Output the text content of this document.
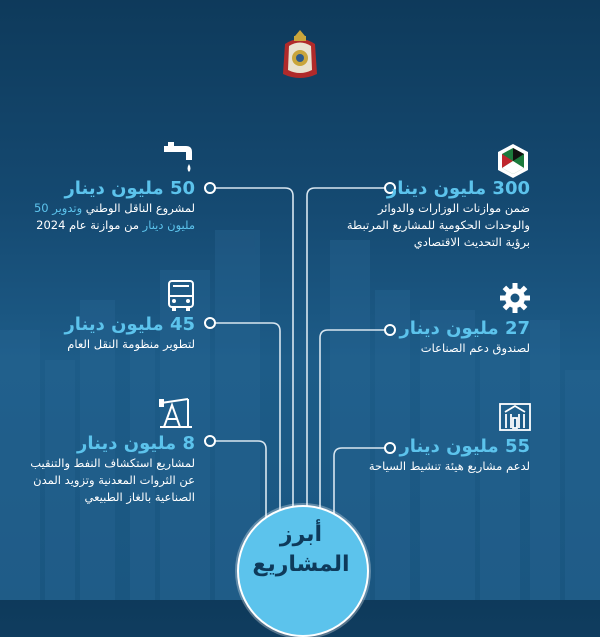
300 مليون دينار
ضمن موازنات الوزارات والدوائر والوحدات الحكومية للمشاريع المرتبطة برؤية التحديث الاقتصادي
27 مليون دينار
لصندوق دعم الصناعات
55 مليون دينار
لدعم مشاريع هيئة تنشيط السياحة
50 مليون دينار
لمشروع الناقل الوطني وتدوير 50 مليون دينار من موازنة عام 2024
45 مليون دينار
لتطوير منظومة النقل العام
8 مليون دينار
لمشاريع استكشاف النفط والتنقيب عن الثروات المعدنية وتزويد المدن الصناعية بالغاز الطبيعي
أبرز
المشاريع
